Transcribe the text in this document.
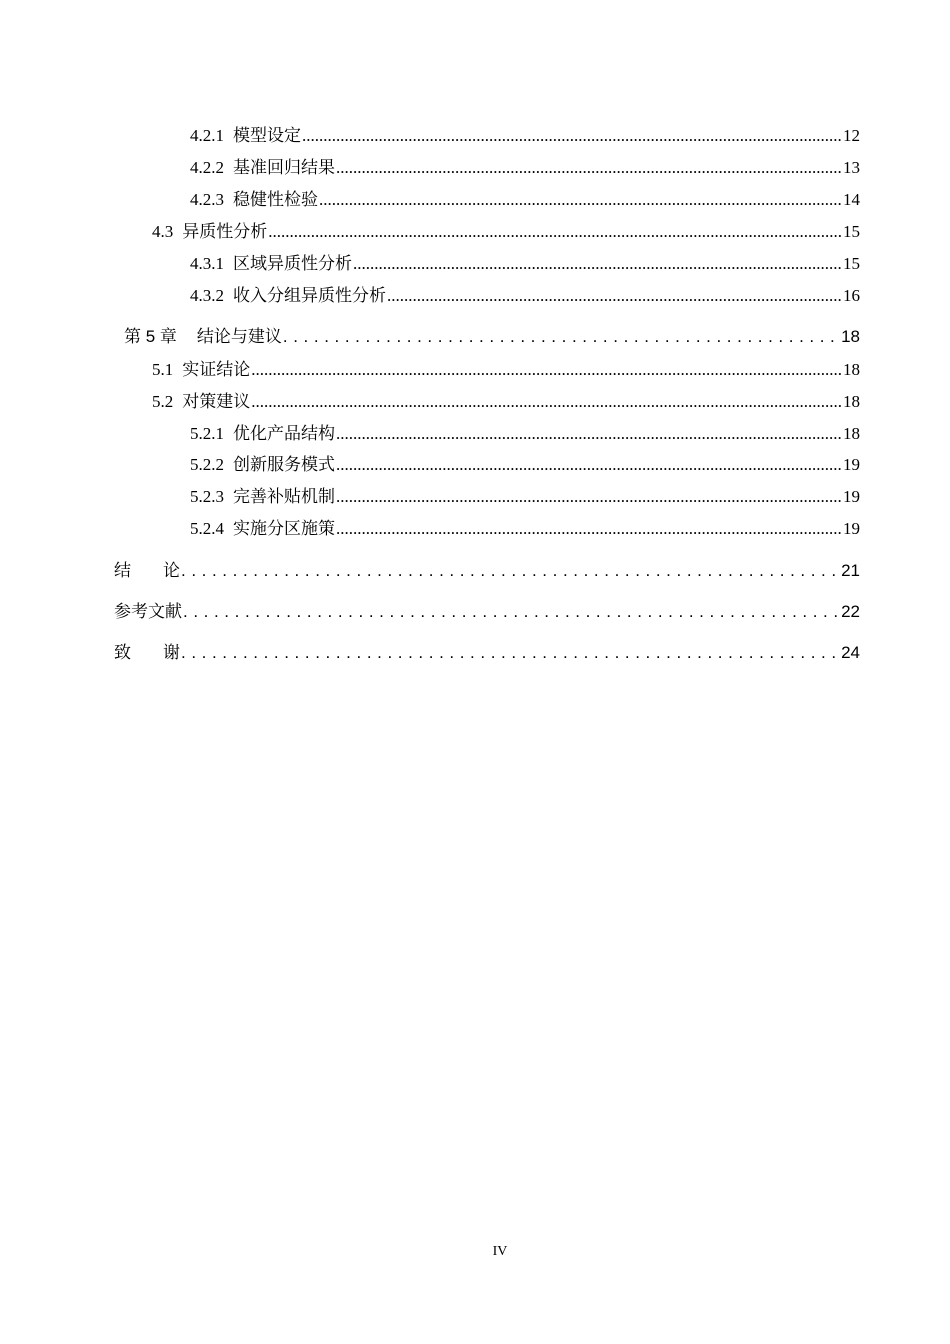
4.2.1 模型设定 .....	12
4.2.2 基准回归结果 .....	13
4.2.3 稳健性检验 .....	14
4.3 异质性分析 .....	15
4.3.1 区域异质性分析 .....	15
4.3.2 收入分组异质性分析 .....	16
第 5 章 结论与建议 .....	18
5.1 实证结论 .....	18
5.2 对策建议 .....	18
5.2.1 优化产品结构 .....	18
5.2.2 创新服务模式 .....	19
5.2.3 完善补贴机制 .....	19
5.2.4 实施分区施策 .....	19
结论 .....	21
参考文献 .....	22
致谢 .....	24
IV
